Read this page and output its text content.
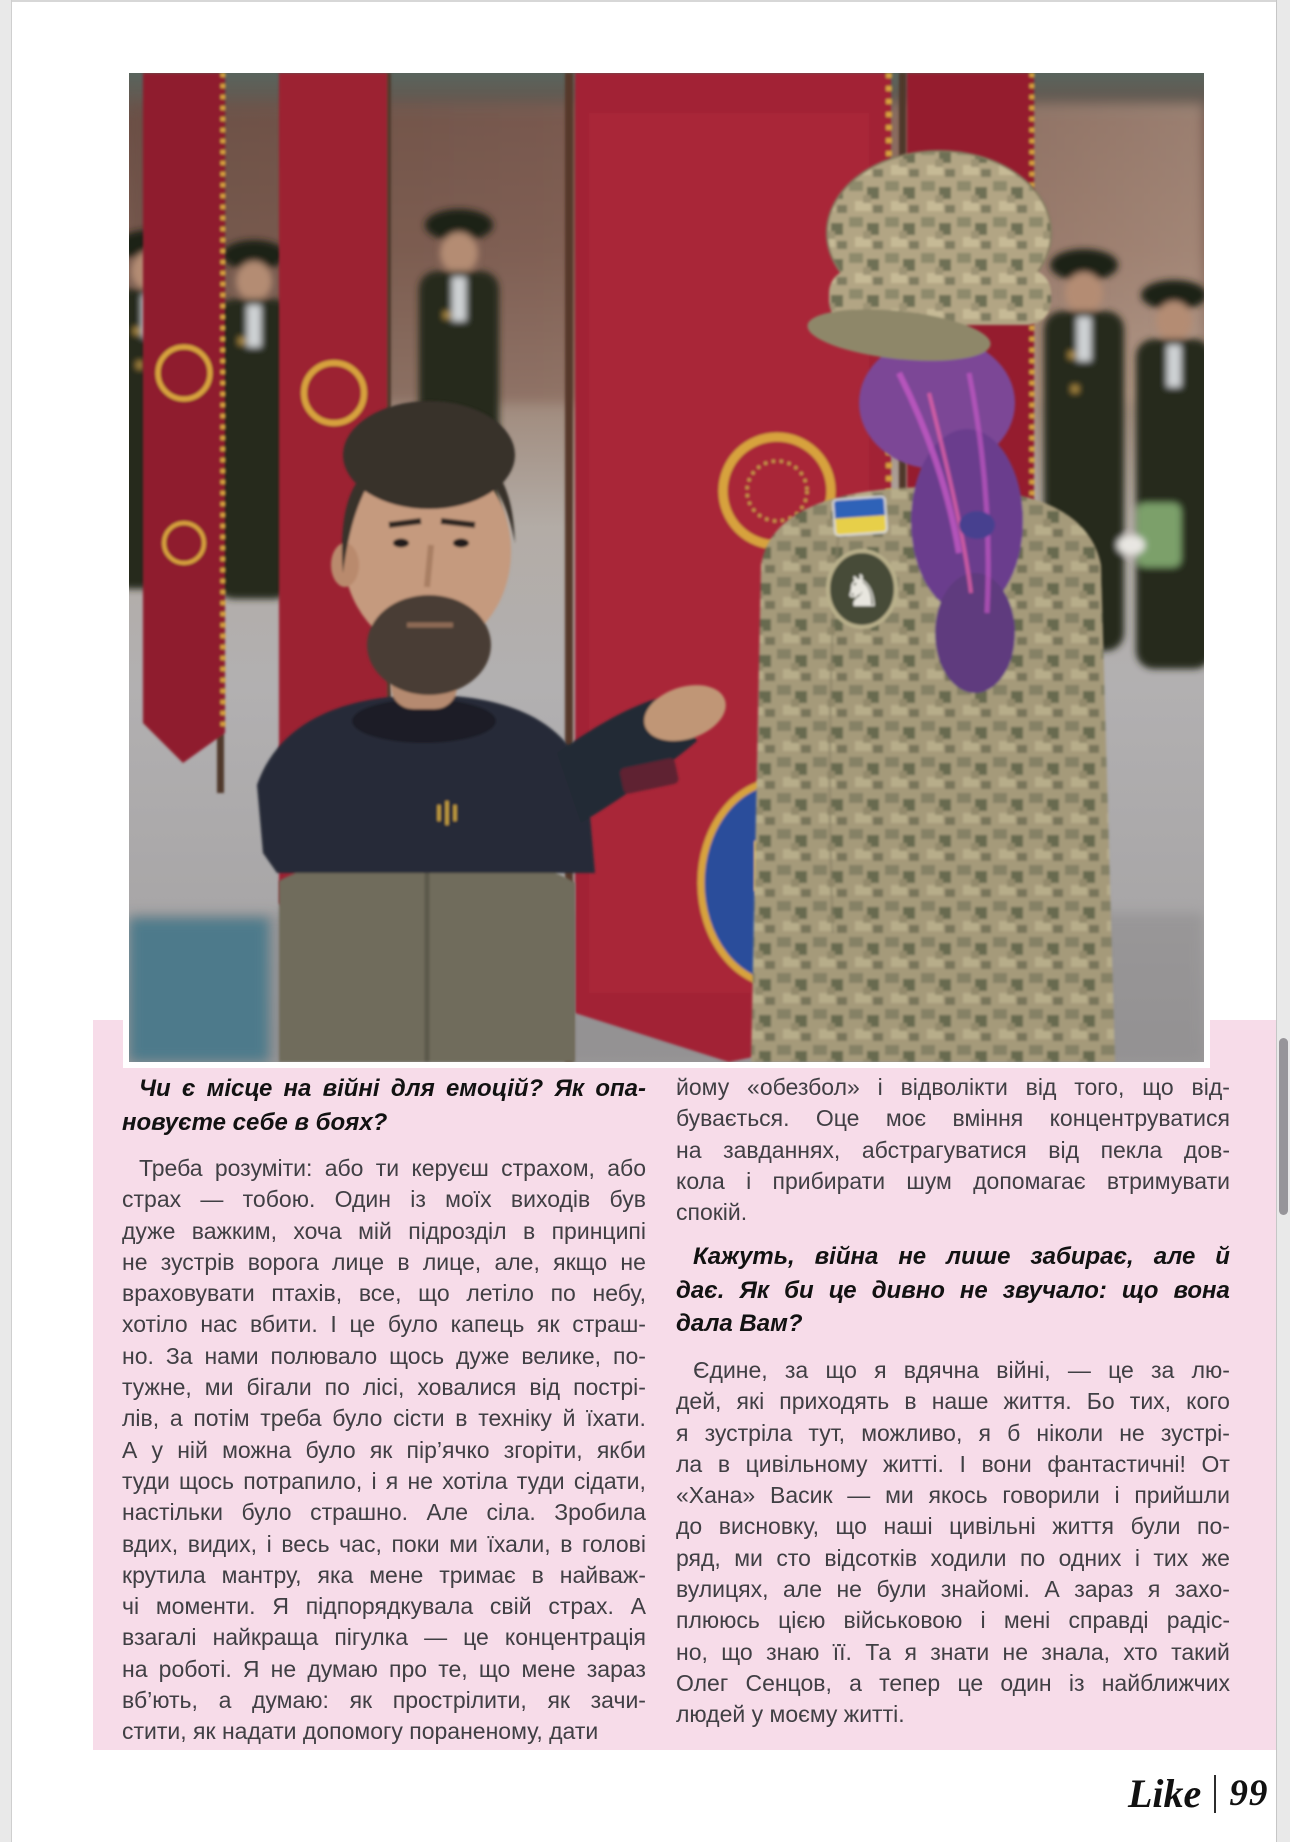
Чи є місце на війні для емоцій? Як опа-
новуєте себе в боях?
Треба розуміти: або ти керуєш страхом, або
страх — тобою. Один із моїх виходів був
дуже важким, хоча мій підрозділ в принципі
не зустрів ворога лице в лице, але, якщо не
враховувати птахів, все, що летіло по небу,
хотіло нас вбити. І це було капець як страш-
но. За нами полювало щось дуже велике, по-
тужне, ми бігали по лісі, ховалися від пострі-
лів, а потім треба було сісти в техніку й їхати.
А у ній можна було як пір’ячко згоріти, якби
туди щось потрапило, і я не хотіла туди сідати,
настільки було страшно. Але сіла. Зробила
вдих, видих, і весь час, поки ми їхали, в голові
крутила мантру, яка мене тримає в найваж-
чі моменти. Я підпорядкувала свій страх. А
взагалі найкраща пігулка — це концентрація
на роботі. Я не думаю про те, що мене зараз
вб’ють, а думаю: як прострілити, як зачи-
стити, як надати допомогу пораненому, дати
йому «обезбол» і відволікти від того, що від-
бувається. Оце моє вміння концентруватися
на завданнях, абстрагуватися від пекла дов-
кола і прибирати шум допомагає втримувати
спокій.
Кажуть, війна не лише забирає, але й
дає. Як би це дивно не звучало: що вона
дала Вам?
Єдине, за що я вдячна війні, — це за лю-
дей, які приходять в наше життя. Бо тих, кого
я зустріла тут, можливо, я б ніколи не зустрі-
ла в цивільному житті. І вони фантастичні! От
«Хана» Васик — ми якось говорили і прийшли
до висновку, що наші цивільні життя були по-
ряд, ми сто відсотків ходили по одних і тих же
вулицях, але не були знайомі. А зараз я захо-
плююсь цією військовою і мені справді радіс-
но, що знаю її. Та я знати не знала, хто такий
Олег Сенцов, а тепер це один із найближчих
людей у моєму житті.
♞
Like 99
